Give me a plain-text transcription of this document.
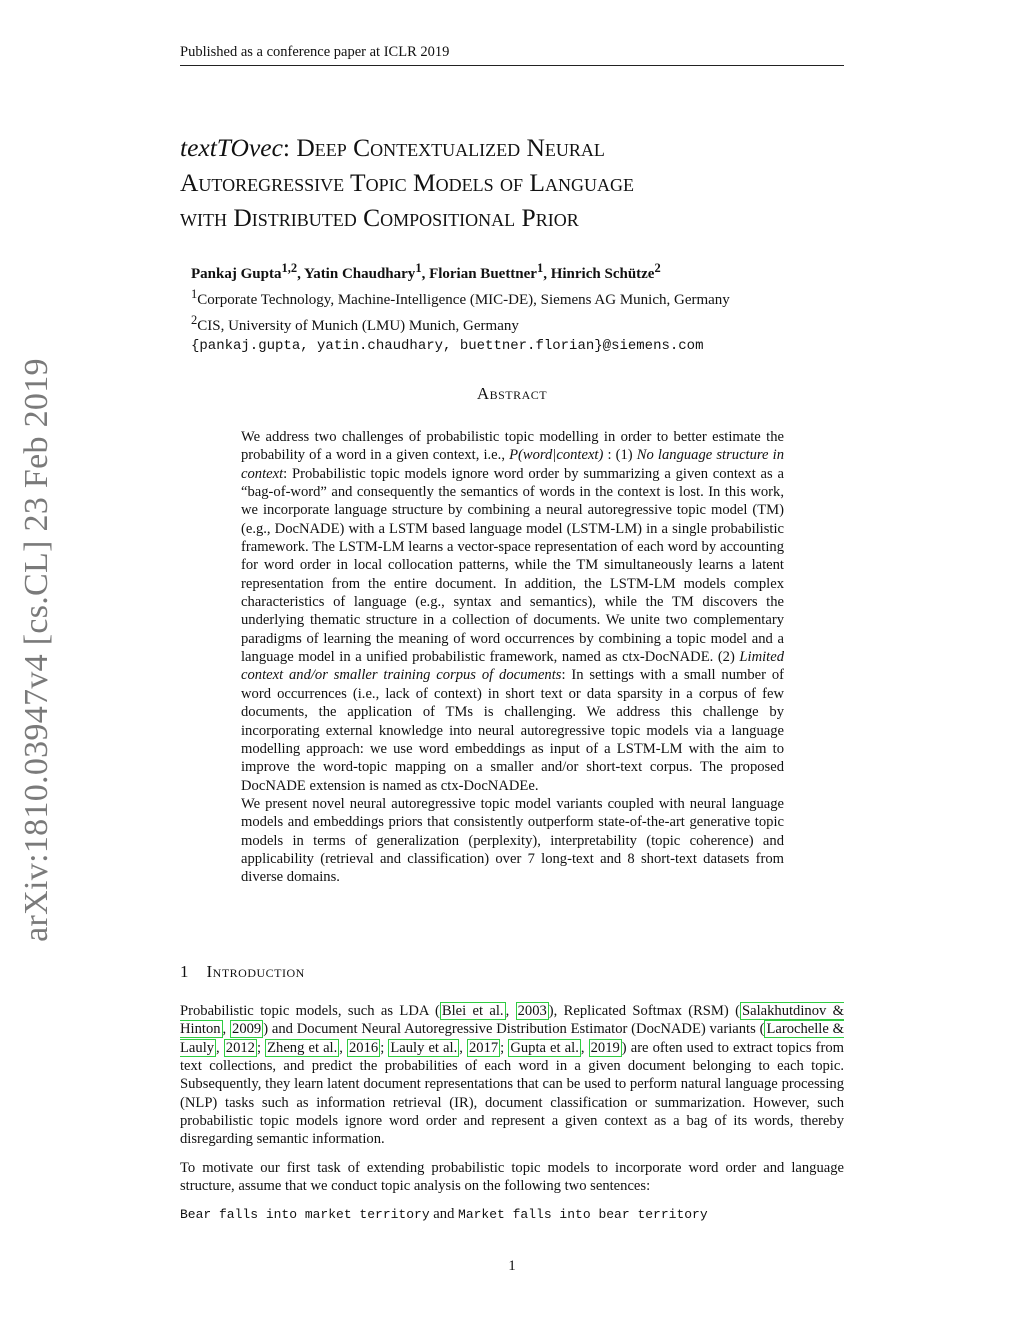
Published as a conference paper at ICLR 2019
arXiv:1810.03947v4 [cs.CL] 23 Feb 2019
textTOvec: Deep Contextualized Neural
Autoregressive Topic Models of Language
with Distributed Compositional Prior
Pankaj Gupta$^{1,2}$, Yatin Chaudhary$^1$, Florian Buettner$^1$, Hinrich Schütze$^2$
$^1$Corporate Technology, Machine-Intelligence (MIC-DE), Siemens AG Munich, Germany
$^2$CIS, University of Munich (LMU) Munich, Germany
{pankaj.gupta, yatin.chaudhary, buettner.florian}@siemens.com
Abstract

We address two challenges of probabilistic topic modelling in order to better estimate the probability of a word in a given context, i.e., P(word|context) : (1) No language structure in context: Probabilistic topic models ignore word order by summarizing a given context as a “bag-of-word” and consequently the semantics of words in the context is lost. In this work, we incorporate language structure by combining a neural autoregressive topic model (TM) (e.g., DocNADE) with a LSTM based language model (LSTM-LM) in a single probabilistic framework. The LSTM-LM learns a vector-space representation of each word by accounting for word order in local collocation patterns, while the TM simultaneously learns a latent representation from the entire document. In addition, the LSTM-LM models complex characteristics of language (e.g., syntax and semantics), while the TM discovers the underlying thematic structure in a collection of documents. We unite two complementary paradigms of learning the meaning of word occurrences by combining a topic model and a language model in a unified probabilistic framework, named as ctx-DocNADE. (2) Limited context and/or smaller training corpus of documents: In settings with a small number of word occurrences (i.e., lack of context) in short text or data sparsity in a corpus of few documents, the application of TMs is challenging. We address this challenge by incorporating external knowledge into neural autoregressive topic models via a language modelling approach: we use word embeddings as input of a LSTM-LM with the aim to improve the word-topic mapping on a smaller and/or short-text corpus. The proposed DocNADE extension is named as ctx-DocNADEe.

We present novel neural autoregressive topic model variants coupled with neural language models and embeddings priors that consistently outperform state-of-the-art generative topic models in terms of generalization (perplexity), interpretability (topic coherence) and applicability (retrieval and classification) over 7 long-text and 8 short-text datasets from diverse domains.

1 Introduction

Probabilistic topic models, such as LDA ( Blei et al. , 2003 ), Replicated Softmax (RSM) ( Salakhutdinov & Hinton , 2009 ) and Document Neural Autoregressive Distribution Estimator (DocNADE) variants ( Larochelle & Lauly , 2012 ; Zheng et al. , 2016 ; Lauly et al. , 2017 ; Gupta et al. , 2019 ) are often used to extract topics from text collections, and predict the probabilities of each word in a given document belonging to each topic. Subsequently, they learn latent document representations that can be used to perform natural language processing (NLP) tasks such as information retrieval (IR), document classification or summarization. However, such probabilistic topic models ignore word order and represent a given context as a bag of its words, thereby disregarding semantic information.

To motivate our first task of extending probabilistic topic models to incorporate word order and language structure, assume that we conduct topic analysis on the following two sentences:

Bear falls into market territory and Market falls into bear territory

1
